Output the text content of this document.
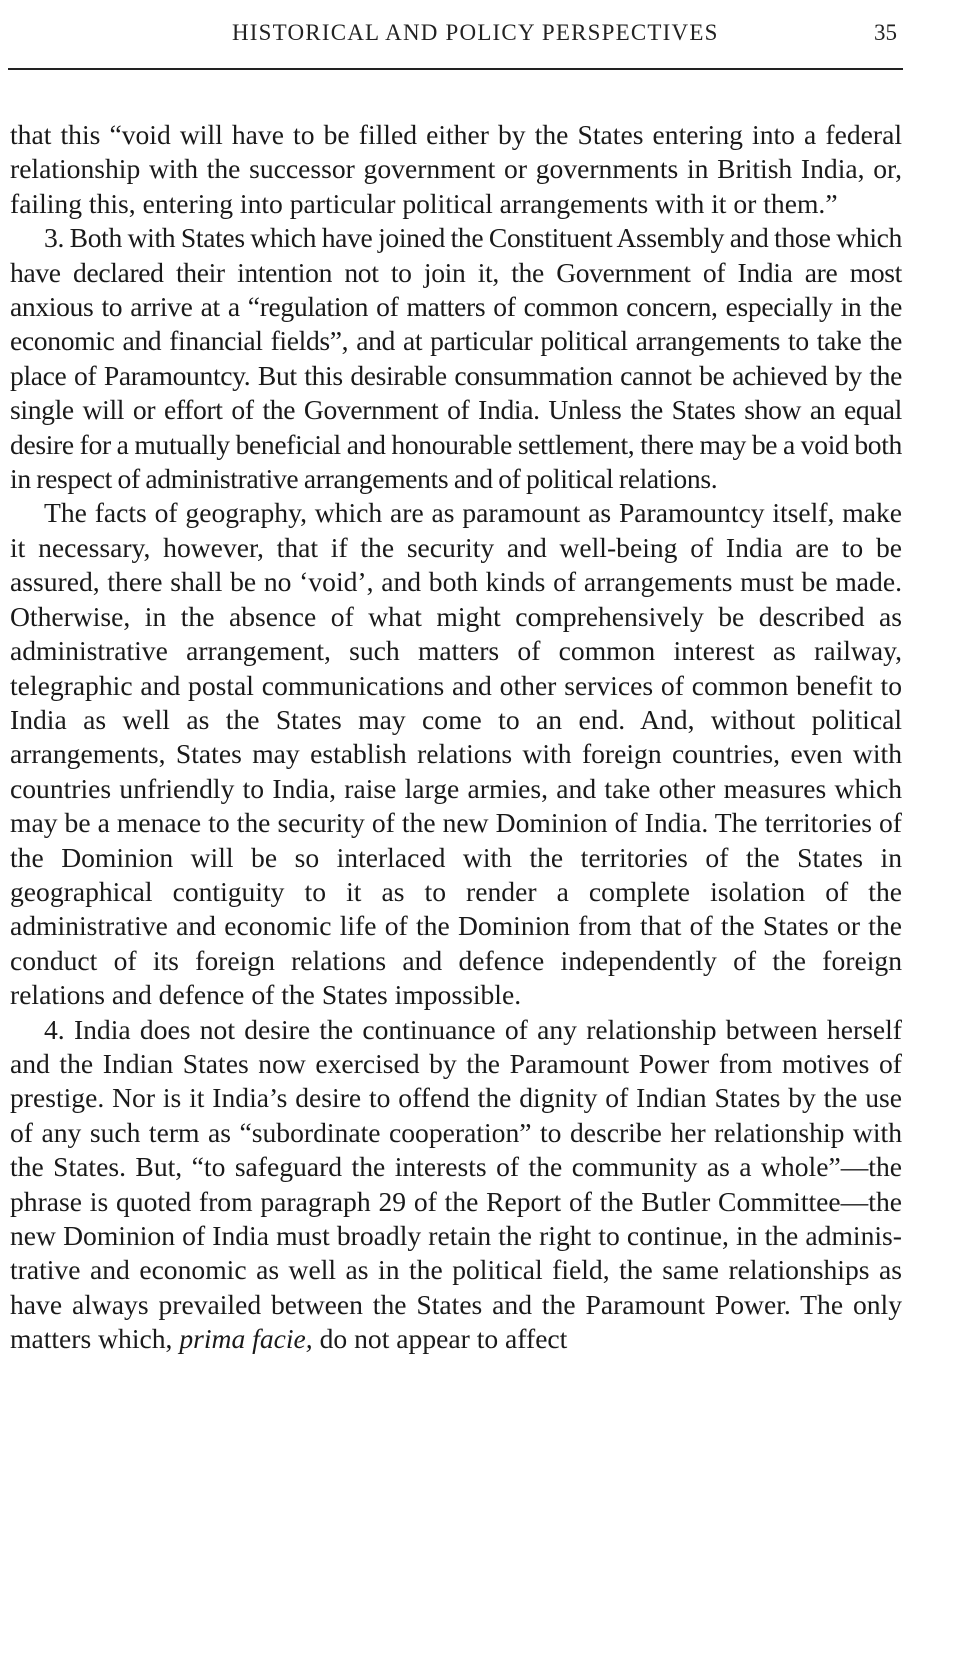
HISTORICAL AND POLICY PERSPECTIVES	35

that this “void will have to be filled either by the States entering into a federal relationship with the successor government or governments in British India, or, failing this, entering into particular political arrangements with it or them.”

3. Both with States which have joined the Constituent Assembly and those which have declared their intention not to join it, the Government of India are most anxious to arrive at a “regulation of matters of common concern, especially in the economic and financial fields”, and at particular political arrangements to take the place of Paramountcy. But this desirable consummation cannot be achieved by the single will or effort of the Government of India. Unless the States show an equal desire for a mutually beneficial and honourable settlement, there may be a void both in respect of administrative arrangements and of political relations.

The facts of geography, which are as paramount as Paramountcy itself, make it necessary, however, that if the security and well-being of India are to be assured, there shall be no ‘void’, and both kinds of arrangements must be made. Otherwise, in the absence of what might comprehensively be described as administrative arrangement, such matters of common interest as railway, telegraphic and postal communications and other services of common benefit to India as well as the States may come to an end. And, without political arrangements, States may establish relations with foreign countries, even with countries unfriendly to India, raise large armies, and take other measures which may be a menace to the security of the new Dominion of India. The territories of the Dominion will be so interlaced with the territories of the States in geographical contiguity to it as to render a complete isolation of the administrative and economic life of the Dominion from that of the States or the conduct of its foreign relations and defence independently of the foreign relations and defence of the States impossible.

4. India does not desire the continuance of any relationship between herself and the Indian States now exercised by the Paramount Power from motives of prestige. Nor is it India’s desire to offend the dignity of Indian States by the use of any such term as “subordinate cooperation” to describe her relationship with the States. But, “to safeguard the interests of the community as a whole”—the phrase is quoted from paragraph 29 of the Report of the Butler Committee—the new Dominion of India must broadly retain the right to continue, in the administrative and economic as well as in the political field, the same relationships as have always prevailed between the States and the Paramount Power. The only matters which, prima facie, do not appear to affect
